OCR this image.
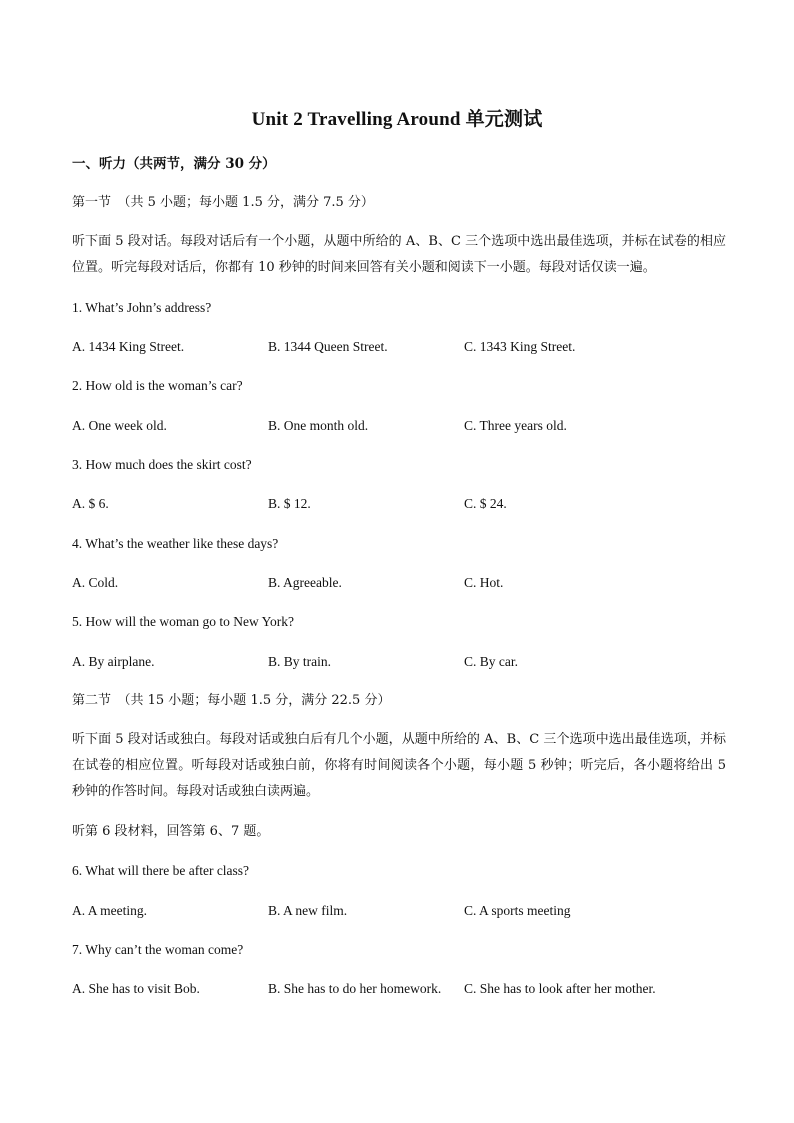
Unit 2 Travelling Around 单元测试
一、听力（共两节，满分 30 分）
第一节　（共 5 小题；每小题 1.5 分，满分 7.5 分）
听下面 5 段对话。每段对话后有一个小题，从题中所给的 A、B、C 三个选项中选出最佳选项，并标在试卷的相应位置。听完每段对话后，你都有 10 秒钟的时间来回答有关小题和阅读下一小题。每段对话仅读一遍。
1. What’s John’s address?
A. 1434 King Street.	B. 1344 Queen Street.	C. 1343 King Street.
2. How old is the woman’s car?
A. One week old.	B. One month old.	C. Three years old.
3. How much does the skirt cost?
A. $ 6.	B. $ 12.	C. $ 24.
4. What’s the weather like these days?
A. Cold.	B. Agreeable.	C. Hot.
5. How will the woman go to New York?
A. By airplane.	B. By train.	C. By car.
第二节　（共 15 小题；每小题 1.5 分，满分 22.5 分）
听下面 5 段对话或独白。每段对话或独白后有几个小题，从题中所给的 A、B、C 三个选项中选出最佳选项，并标在试卷的相应位置。听每段对话或独白前，你将有时间阅读各个小题，每小题 5 秒钟；听完后，各小题将给出 5 秒钟的作答时间。每段对话或独白读两遍。
听第 6 段材料，回答第 6、7 题。
6. What will there be after class?
A. A meeting.	B. A new film.	C. A sports meeting
7. Why can’t the woman come?
A. She has to visit Bob.	B. She has to do her homework. C. She has to look after her mother.
